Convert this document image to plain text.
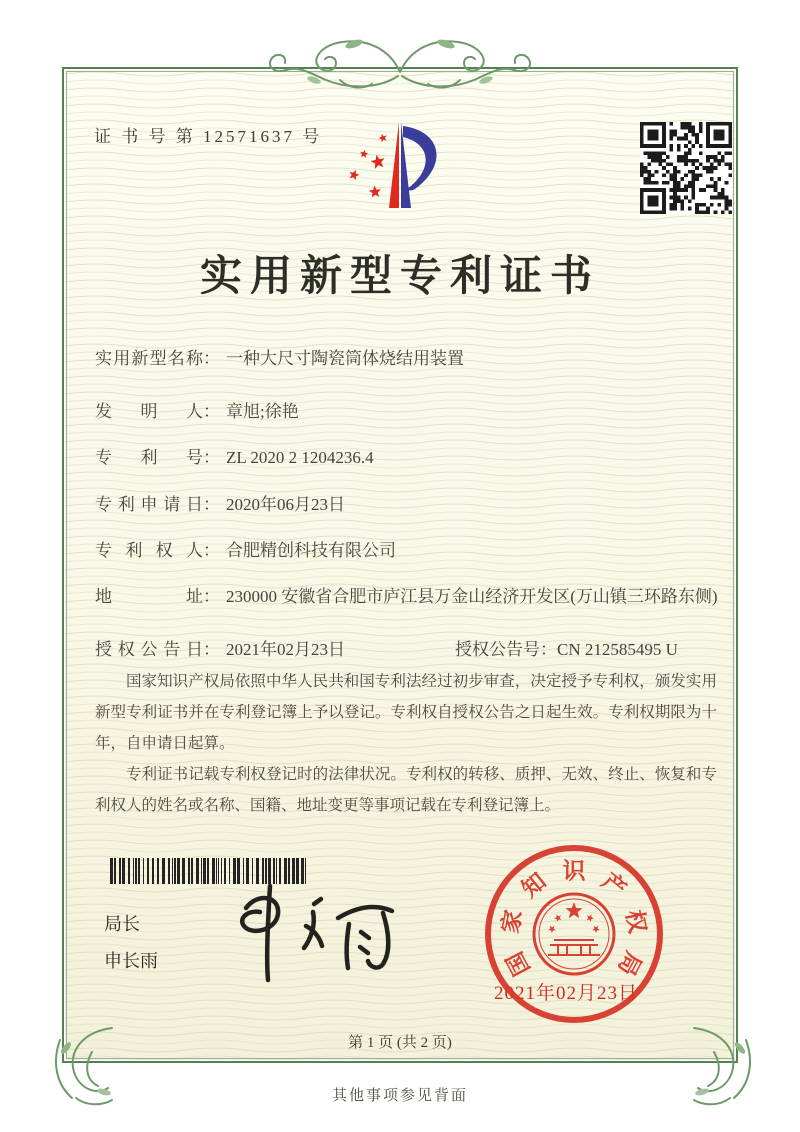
证 书 号 第 12571637 号
实用新型专利证书
实用新型名称 ： 一种大尺寸陶瓷筒体烧结用装置
发明人 ： 章旭;徐艳
专利号 ： ZL 2020 2 1204236.4
专利申请日 ： 2020年06月23日
专利权人 ： 合肥精创科技有限公司
地址 ： 230000 安徽省合肥市庐江县万金山经济开发区(万山镇三环路东侧)
授权公告日 ： 2021年02月23日	授权公告号：CN 212585495 U

国家知识产权局依照中华人民共和国专利法经过初步审查，决定授予专利权，颁发实用新型专利证书并在专利登记簿上予以登记。专利权自授权公告之日起生效。专利权期限为十年，自申请日起算。

专利证书记载专利权登记时的法律状况。专利权的转移、质押、无效、终止、恢复和专利权人的姓名或名称、国籍、地址变更等事项记载在专利登记簿上。

局长
申长雨	国
家
知 识 产
权
局
2021年02月23日
第 1 页 (共 2 页)
其他事项参见背面
